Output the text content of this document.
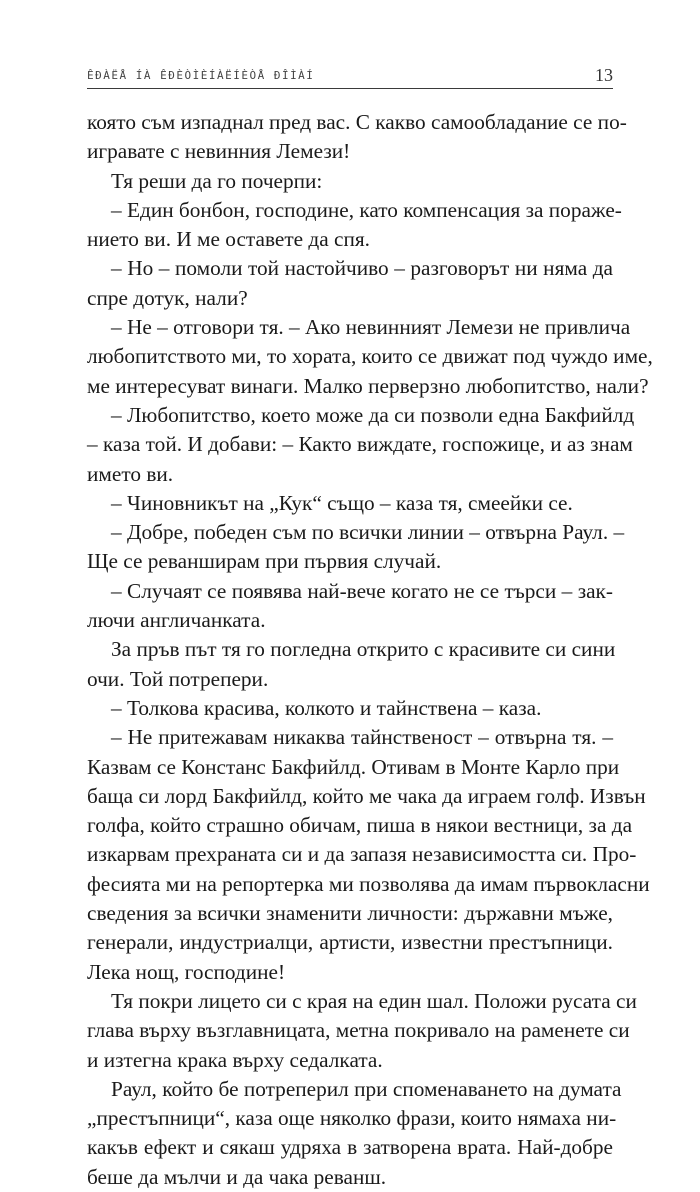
ÊÐÀËÅ ÍÀ ÊÐÈÒÌÈÍÀËÍÈÒÅ ÐÎÌÀÍ	13
която съм изпаднал пред вас. С какво самообладание се по-
игравате с невинния Лемези!
Тя реши да го почерпи:
– Един бонбон, господине, като компенсация за пораже-
нието ви. И ме оставете да спя.
– Но – помоли той настойчиво – разговорът ни няма да
спре дотук, нали?
– Не – отговори тя. – Ако невинният Лемези не привлича
любопитството ми, то хората, които се движат под чуждо име,
ме интересуват винаги. Малко перверзно любопитство, нали?
– Любопитство, което може да си позволи една Бакфийлд
– каза той. И добави: – Както виждате, госпожице, и аз знам
името ви.
– Чиновникът на „Кук“ също – каза тя, смеейки се.
– Добре, победен съм по всички линии – отвърна Раул. –
Ще се реванширам при първия случай.
– Случаят се появява най-вече когато не се търси – зак-
лючи англичанката.
За пръв път тя го погледна открито с красивите си сини
очи. Той потрепери.
– Толкова красива, колкото и тайнствена – каза.
– Не притежавам никаква тайнственост – отвърна тя. –
Казвам се Констанс Бакфийлд. Отивам в Монте Карло при
баща си лорд Бакфийлд, който ме чака да играем голф. Извън
голфа, който страшно обичам, пиша в някои вестници, за да
изкарвам прехраната си и да запазя независимостта си. Про-
фесията ми на репортерка ми позволява да имам първокласни
сведения за всички знаменити личности: държавни мъже,
генерали, индустриалци, артисти, известни престъпници.
Лека нощ, господине!
Тя покри лицето си с края на един шал. Положи русата си
глава върху възглавницата, метна покривало на раменете си
и изтегна крака върху седалката.
Раул, който бе потреперил при споменаването на думата
„престъпници“, каза още няколко фрази, които нямаха ни-
какъв ефект и сякаш удряха в затворена врата. Най-добре
беше да мълчи и да чака реванш.
